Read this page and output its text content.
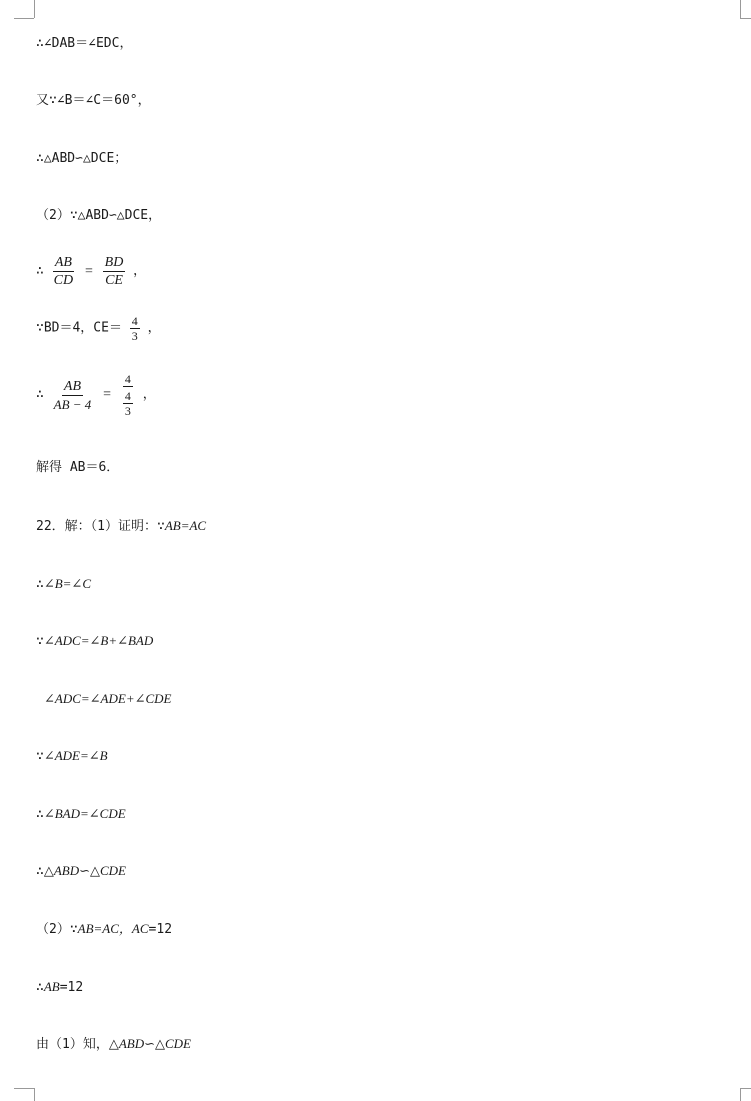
∴∠DAB＝∠EDC，
又∵∠B＝∠C＝60°，
∴△ABD∽△DCE；
（2）∵△ABD∽△DCE，
∴ $\frac{AB}{CD} = \frac{BD}{CE}$ ，
∵BD＝4，$CE= \frac{4}{3}$ ，
∴ $\frac{AB}{AB - 4} = 4$
4
3 ，
解得 AB＝6．
22．解：（1）证明：∵AB=AC
∴∠B=∠C
∵∠ADC=∠B+∠BAD
∠ADC=∠ADE+∠CDE
∵∠ADE=∠B
∴∠BAD=∠CDE
∴△ABD∽△CDE
（2）∵AB=AC，AC=12
∴AB=12
由（1）知，△ABD∽△CDE
